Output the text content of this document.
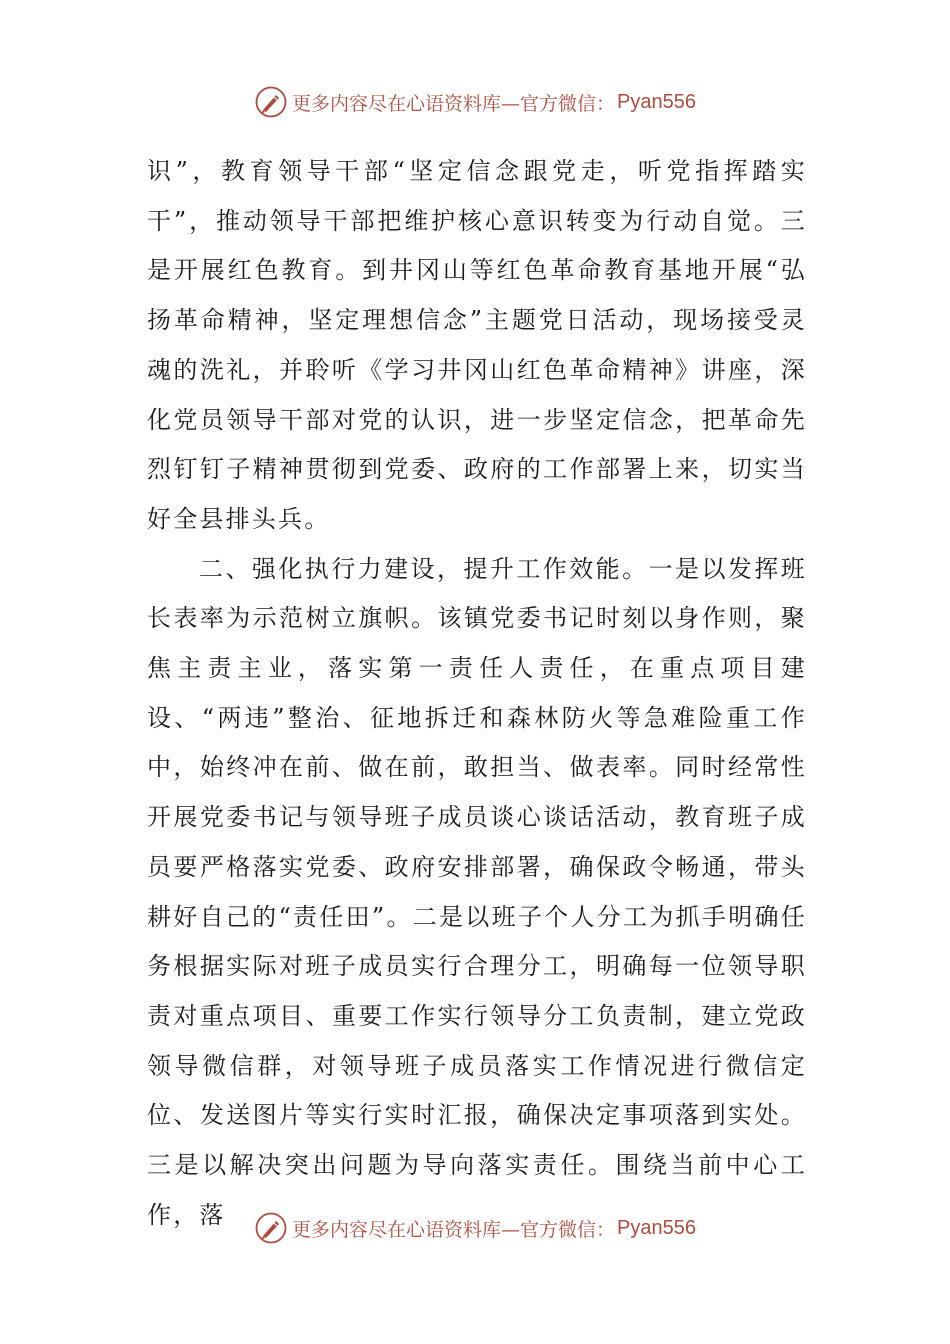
更多内容尽在心语资料库—官方微信： Pyan556

识”，教育领导干部“坚定信念跟党走，听党指挥踏实干”，推动领导干部把维护核心意识转变为行动自觉。三是开展红色教育。到井冈山等红色革命教育基地开展“弘扬革命精神，坚定理想信念”主题党日活动，现场接受灵魂的洗礼，并聆听《学习井冈山红色革命精神》讲座，深化党员领导干部对党的认识，进一步坚定信念，把革命先烈钉钉子精神贯彻到党委、政府的工作部署上来，切实当好全县排头兵。

二、强化执行力建设，提升工作效能。一是以发挥班长表率为示范树立旗帜。该镇党委书记时刻以身作则，聚焦主责主业，落实第一责任人责任，在重点项目建设、“两违”整治、征地拆迁和森林防火等急难险重工作中，始终冲在前、做在前，敢担当、做表率。同时经常性开展党委书记与领导班子成员谈心谈话活动，教育班子成员要严格落实党委、政府安排部署，确保政令畅通，带头耕好自己的“责任田”。二是以班子个人分工为抓手明确任务根据实际对班子成员实行合理分工，明确每一位领导职责对重点项目、重要工作实行领导分工负责制，建立党政领导微信群，对领导班子成员落实工作情况进行微信定位、发送图片等实行实时汇报，确保决定事项落到实处。三是以解决突出问题为导向落实责任。围绕当前中心工作，落

更多内容尽在心语资料库—官方微信： Pyan556
